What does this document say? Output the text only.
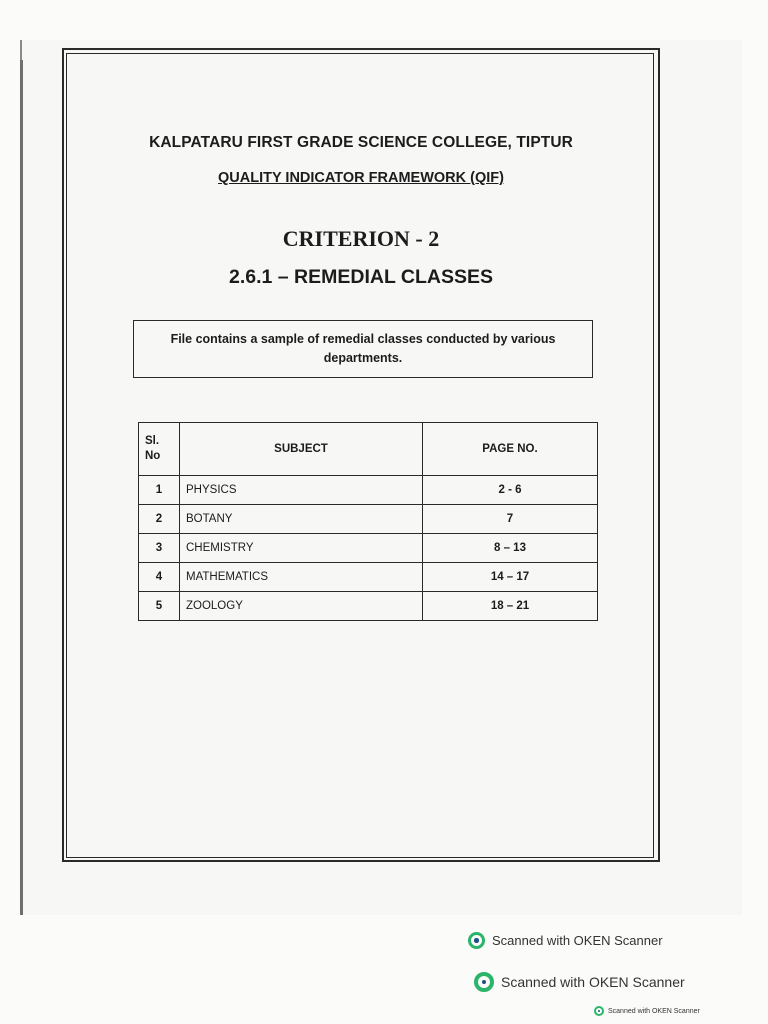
KALPATARU FIRST GRADE SCIENCE COLLEGE, TIPTUR
QUALITY INDICATOR FRAMEWORK (QIF)
CRITERION - 2
2.6.1 – REMEDIAL CLASSES
File contains a sample of remedial classes conducted by various departments.
Sl. No	SUBJECT	PAGE NO.
1	PHYSICS	2 - 6
2	BOTANY	7
3	CHEMISTRY	8 – 13
4	MATHEMATICS	14 – 17
5	ZOOLOGY	18 – 21
Scanned with OKEN Scanner
Scanned with OKEN Scanner
Scanned with OKEN Scanner
